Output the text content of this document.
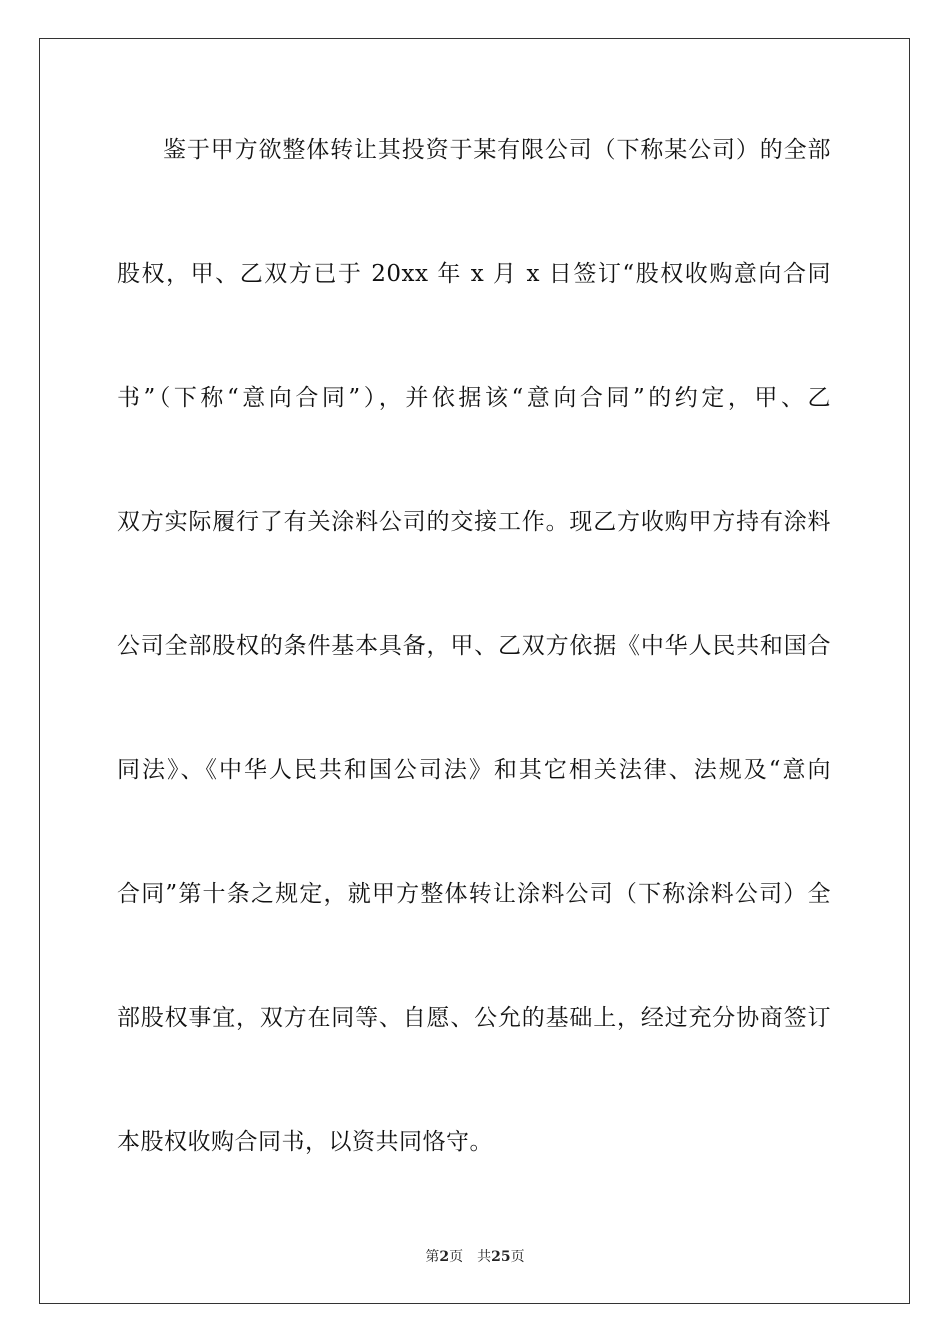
鉴于甲方欲整体转让其投资于某有限公司（下称某公司）的全部
股权，甲、乙双方已于 20xx 年 x 月 x 日签订“股权收购意向合同
书”（下称“意向合同”），并依据该“意向合同”的约定，甲、乙
双方实际履行了有关涂料公司的交接工作。现乙方收购甲方持有涂料
公司全部股权的条件基本具备，甲、乙双方依据《中华人民共和国合
同法》、《中华人民共和国公司法》和其它相关法律、法规及“意向
合同”第十条之规定，就甲方整体转让涂料公司（下称涂料公司）全
部股权事宜，双方在同等、自愿、公允的基础上，经过充分协商签订
本股权收购合同书，以资共同恪守。
第2页 共25页
